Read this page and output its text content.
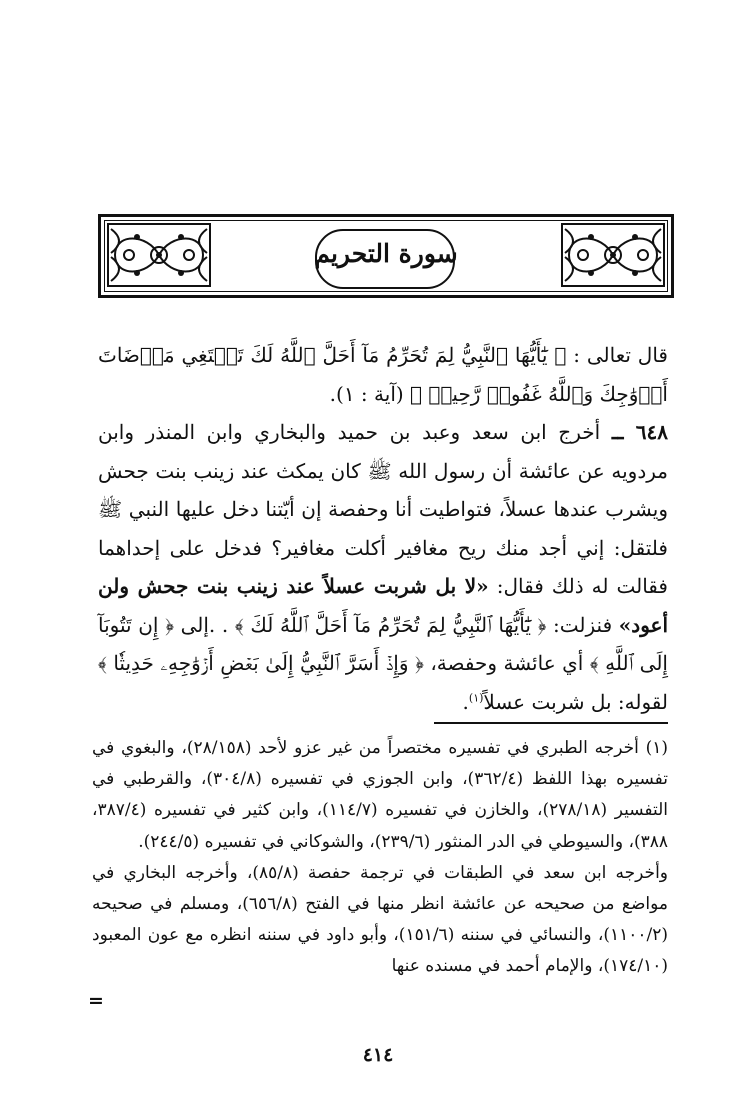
سورة التحريم

قال تعالى : ﴿ يَٰٓأَيُّهَا ٱلنَّبِيُّ لِمَ تُحَرِّمُ مَآ أَحَلَّ ٱللَّهُ لَكَ تَبۡتَغِي مَرۡضَاتَ أَزۡوَٰجِكَ وَٱللَّهُ غَفُورٞ رَّحِيمٞ ﴾ (آية : ١).

٦٤٨ ــ أخرج ابن سعد وعبد بن حميد والبخاري وابن المنذر وابن مردويه عن عائشة أن رسول الله ﷺ كان يمكث عند زينب بنت جحش ويشرب عندها عسلاً، فتواطيت أنا وحفصة إن أيّتنا دخل عليها النبي ﷺ فلتقل: إني أجد منك ريح مغافير أكلت مغافير؟ فدخل على إحداهما فقالت له ذلك فقال: «لا بل شربت عسلاً عند زينب بنت جحش ولن أعود» فنزلت: ﴿ يَٰٓأَيُّهَا ٱلنَّبِيُّ لِمَ تُحَرِّمُ مَآ أَحَلَّ ٱللَّهُ لَكَ ﴾ . .إلى ﴿ إِن تَتُوبَآ إِلَى ٱللَّهِ ﴾ أي عائشة وحفصة، ﴿ وَإِذۡ أَسَرَّ ٱلنَّبِيُّ إِلَىٰ بَعۡضِ أَزۡوَٰجِهِۦ حَدِيثٗا ﴾ لقوله: بل شربت عسلاً$^{(١)}$.

(١) أخرجه الطبري في تفسيره مختصراً من غير عزو لأحد (٢٨/١٥٨)، والبغوي في تفسيره بهذا اللفظ (٣٦٢/٤)، وابن الجوزي في تفسيره (٣٠٤/٨)، والقرطبي في التفسير (٢٧٨/١٨)، والخازن في تفسيره (١١٤/٧)، وابن كثير في تفسيره (٣٨٧/٤، ٣٨٨)، والسيوطي في الدر المنثور (٢٣٩/٦)، والشوكاني في تفسيره (٢٤٤/٥).

وأخرجه ابن سعد في الطبقات في ترجمة حفصة (٨٥/٨)، وأخرجه البخاري في مواضع من صحيحه عن عائشة انظر منها في الفتح (٦٥٦/٨)، ومسلم في صحيحه (١١٠٠/٢)، والنسائي في سننه (١٥١/٦)، وأبو داود في سننه انظره مع عون المعبود (١٧٤/١٠)، والإمام أحمد في مسنده عنها

=
٤١٤
